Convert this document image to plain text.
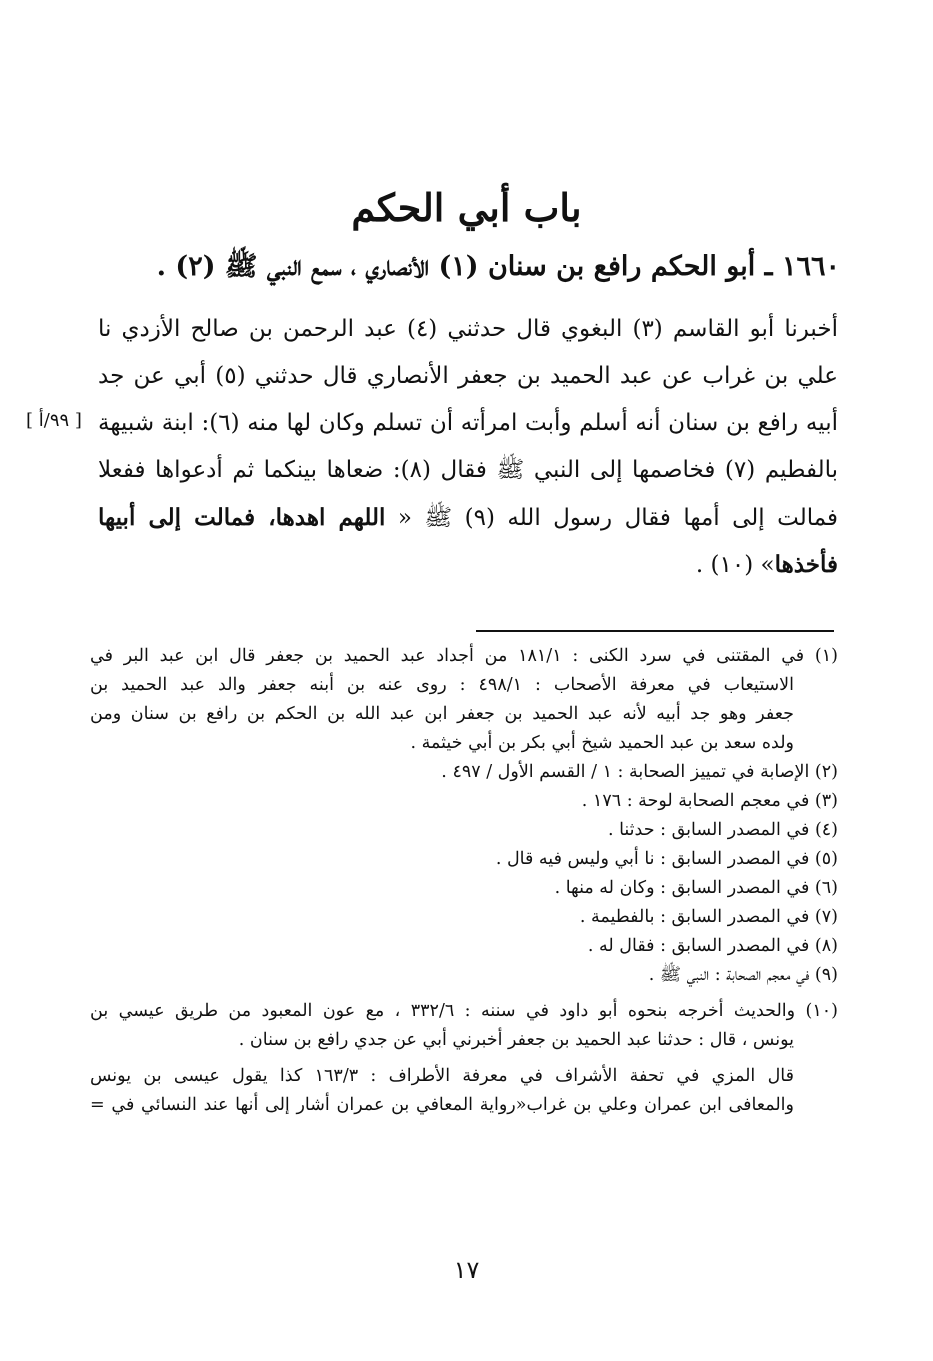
باب أبي الحكم
١٦٦٠ ـ أبو الحكم رافع بن سنان (١) الأنصاري ، سمع النبي ﷺ (٢) .
أخبرنا أبو القاسم (٣) البغوي قال حدثني (٤) عبد الرحمن بن صالح الأزدي نا
علي بن غراب عن عبد الحميد بن جعفر الأنصاري قال حدثني (٥) أبي عن جد
أبيه رافع بن سنان أنه أسلم وأبت امرأته أن تسلم وكان لها منه (٦): ابنة شبيهة
بالفطيم (٧) فخاصمها إلى النبي ﷺ فقال (٨): ضعاها بينكما ثم أدعواها ففعلا
فمالت إلى أمها فقال رسول الله (٩) ﷺ « اللهم اهدها، فمالت إلى أبيها
فأخذها» (١٠) .
[ ٩٩/أ ]
(١) في المقتنى في سرد الكنى : ١٨١/١ من أجداد عبد الحميد بن جعفر قال ابن عبد البر في
الاستيعاب في معرفة الأصحاب : ٤٩٨/١ : روى عنه بن أبنه جعفر والد عبد الحميد بن
جعفر وهو جد أبيه لأنه عبد الحميد بن جعفر ابن عبد الله بن الحكم بن رافع بن سنان ومن
ولده سعد بن عبد الحميد شيخ أبي بكر بن أبي خيثمة .
(٢) الإصابة في تمييز الصحابة : ١ / القسم الأول / ٤٩٧ .
(٣) في معجم الصحابة لوحة : ١٧٦ .
(٤) في المصدر السابق : حدثنا .
(٥) في المصدر السابق : نا أبي وليس فيه قال .
(٦) في المصدر السابق : وكان له منها .
(٧) في المصدر السابق : بالفطيمة .
(٨) في المصدر السابق : فقال له .
(٩) في معجم الصحابة : النبي ﷺ .
(١٠) والحديث أخرجه بنحوه أبو داود في سننه : ٣٣٢/٦ ، مع عون المعبود من طريق عيسي بن
يونس ، قال : حدثنا عبد الحميد بن جعفر أخبرني أبي عن جدي رافع بن سنان .
قال المزي في تحفة الأشراف في معرفة الأطراف : ١٦٣/٣ كذا يقول عيسى بن يونس
والمعافى ابن عمران وعلي بن غراب«رواية المعافي بن عمران أشار إلى أنها عند النسائي في =
١٧
